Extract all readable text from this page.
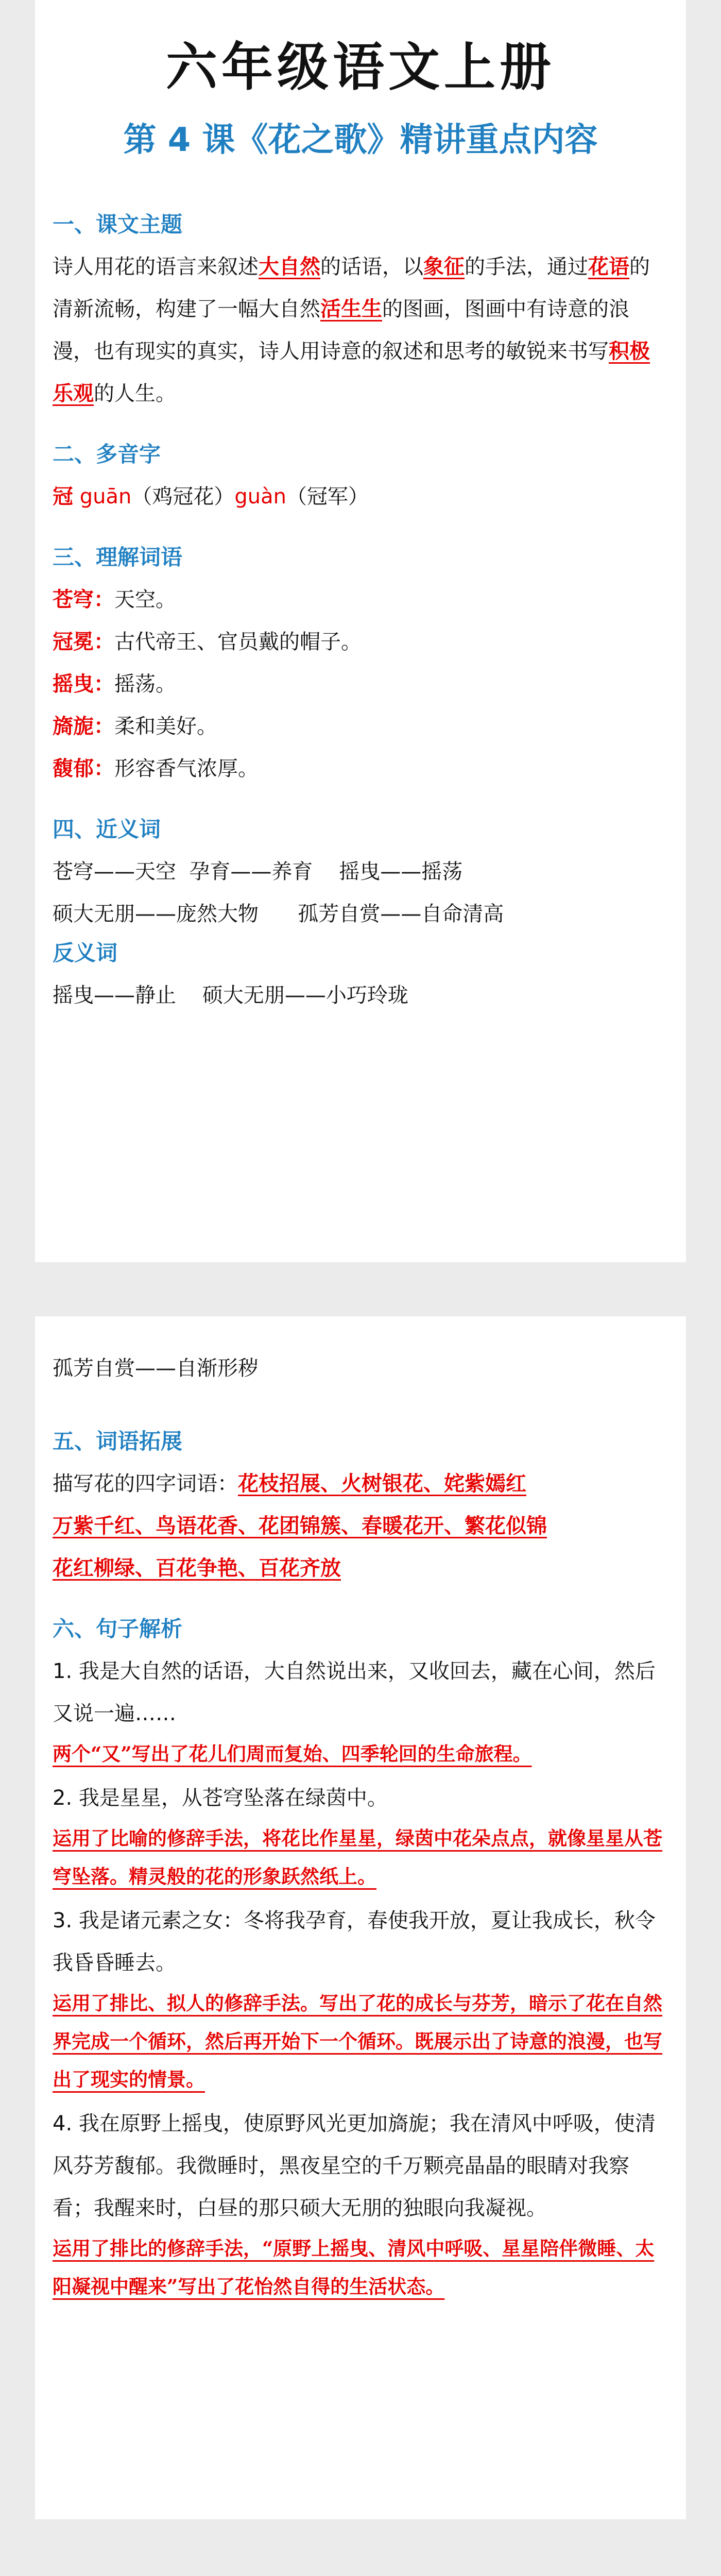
六年级语文上册
第 4 课《花之歌》精讲重点内容
一、课文主题

诗人用花的语言来叙述大自然的话语，以象征的手法，通过花语的清新流畅，构建了一幅大自然活生生的图画，图画中有诗意的浪漫，也有现实的真实，诗人用诗意的叙述和思考的敏锐来书写积极乐观的人生。

二、多音字

冠 guān（鸡冠花）guàn（冠军）

三、理解词语

苍穹：天空。

冠冕：古代帝王、官员戴的帽子。

摇曳：摇荡。

旖旎：柔和美好。

馥郁：形容香气浓厚。

四、近义词

苍穹——天空  孕育——养育    摇曳——摇荡

硕大无朋——庞然大物      孤芳自赏——自命清高

反义词

摇曳——静止    硕大无朋——小巧玲珑

孤芳自赏——自渐形秽

五、词语拓展

描写花的四字词语：花枝招展、火树银花、姹紫嫣红

万紫千红、鸟语花香、花团锦簇、春暖花开、繁花似锦

花红柳绿、百花争艳、百花齐放

六、句子解析

1. 我是大自然的话语，大自然说出来，又收回去，藏在心间，然后又说一遍……

两个“又”写出了花儿们周而复始、四季轮回的生命旅程。

2. 我是星星，从苍穹坠落在绿茵中。

运用了比喻的修辞手法，将花比作星星，绿茵中花朵点点，就像星星从苍穹坠落。精灵般的花的形象跃然纸上。

3. 我是诸元素之女：冬将我孕育，春使我开放，夏让我成长，秋令我昏昏睡去。

运用了排比、拟人的修辞手法。写出了花的成长与芬芳，暗示了花在自然界完成一个循环，然后再开始下一个循环。既展示出了诗意的浪漫，也写出了现实的情景。

4. 我在原野上摇曳，使原野风光更加旖旎；我在清风中呼吸，使清风芬芳馥郁。我微睡时，黑夜星空的千万颗亮晶晶的眼睛对我察看；我醒来时，白昼的那只硕大无朋的独眼向我凝视。

运用了排比的修辞手法，“原野上摇曳、清风中呼吸、星星陪伴微睡、太阳凝视中醒来”写出了花怡然自得的生活状态。
